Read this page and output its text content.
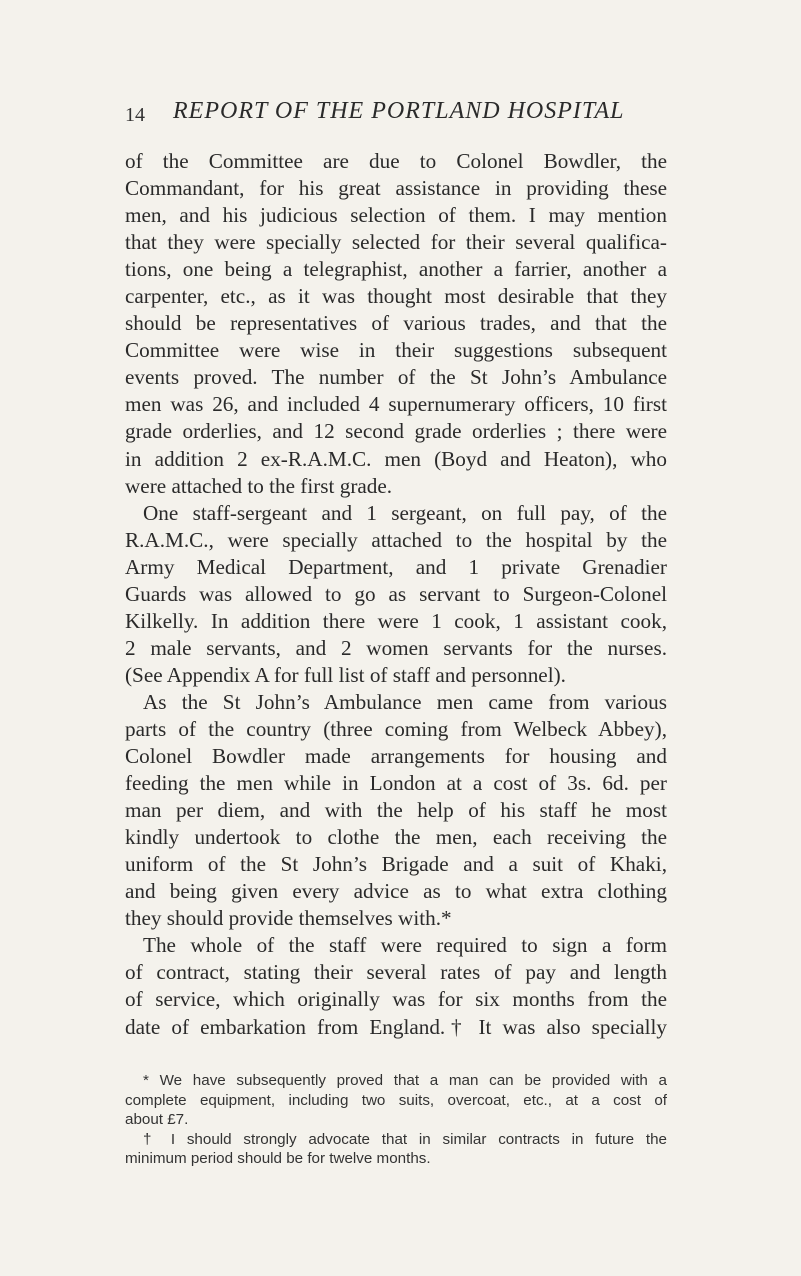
14 REPORT OF THE PORTLAND HOSPITAL
of the Committee are due to Colonel Bowdler, the
Commandant, for his great assistance in providing these
men, and his judicious selection of them. I may mention
that they were specially selected for their several qualifica-
tions, one being a telegraphist, another a farrier, another a
carpenter, etc., as it was thought most desirable that they
should be representatives of various trades, and that the
Committee were wise in their suggestions subsequent
events proved. The number of the St John’s Ambulance
men was 26, and included 4 supernumerary officers, 10 first
grade orderlies, and 12 second grade orderlies ; there were
in addition 2 ex-R.A.M.C. men (Boyd and Heaton), who
were attached to the first grade.
One staff-sergeant and 1 sergeant, on full pay, of the
R.A.M.C., were specially attached to the hospital by the
Army Medical Department, and 1 private Grenadier
Guards was allowed to go as servant to Surgeon-Colonel
Kilkelly. In addition there were 1 cook, 1 assistant cook,
2 male servants, and 2 women servants for the nurses.
(See Appendix A for full list of staff and personnel).
As the St John’s Ambulance men came from various
parts of the country (three coming from Welbeck Abbey),
Colonel Bowdler made arrangements for housing and
feeding the men while in London at a cost of 3s. 6d. per
man per diem, and with the help of his staff he most
kindly undertook to clothe the men, each receiving the
uniform of the St John’s Brigade and a suit of Khaki,
and being given every advice as to what extra clothing
they should provide themselves with.*
The whole of the staff were required to sign a form
of contract, stating their several rates of pay and length
of service, which originally was for six months from the
date of embarkation from England.† It was also specially
* We have subsequently proved that a man can be provided with a
complete equipment, including two suits, overcoat, etc., at a cost of
about £7.
† I should strongly advocate that in similar contracts in future the
minimum period should be for twelve months.
